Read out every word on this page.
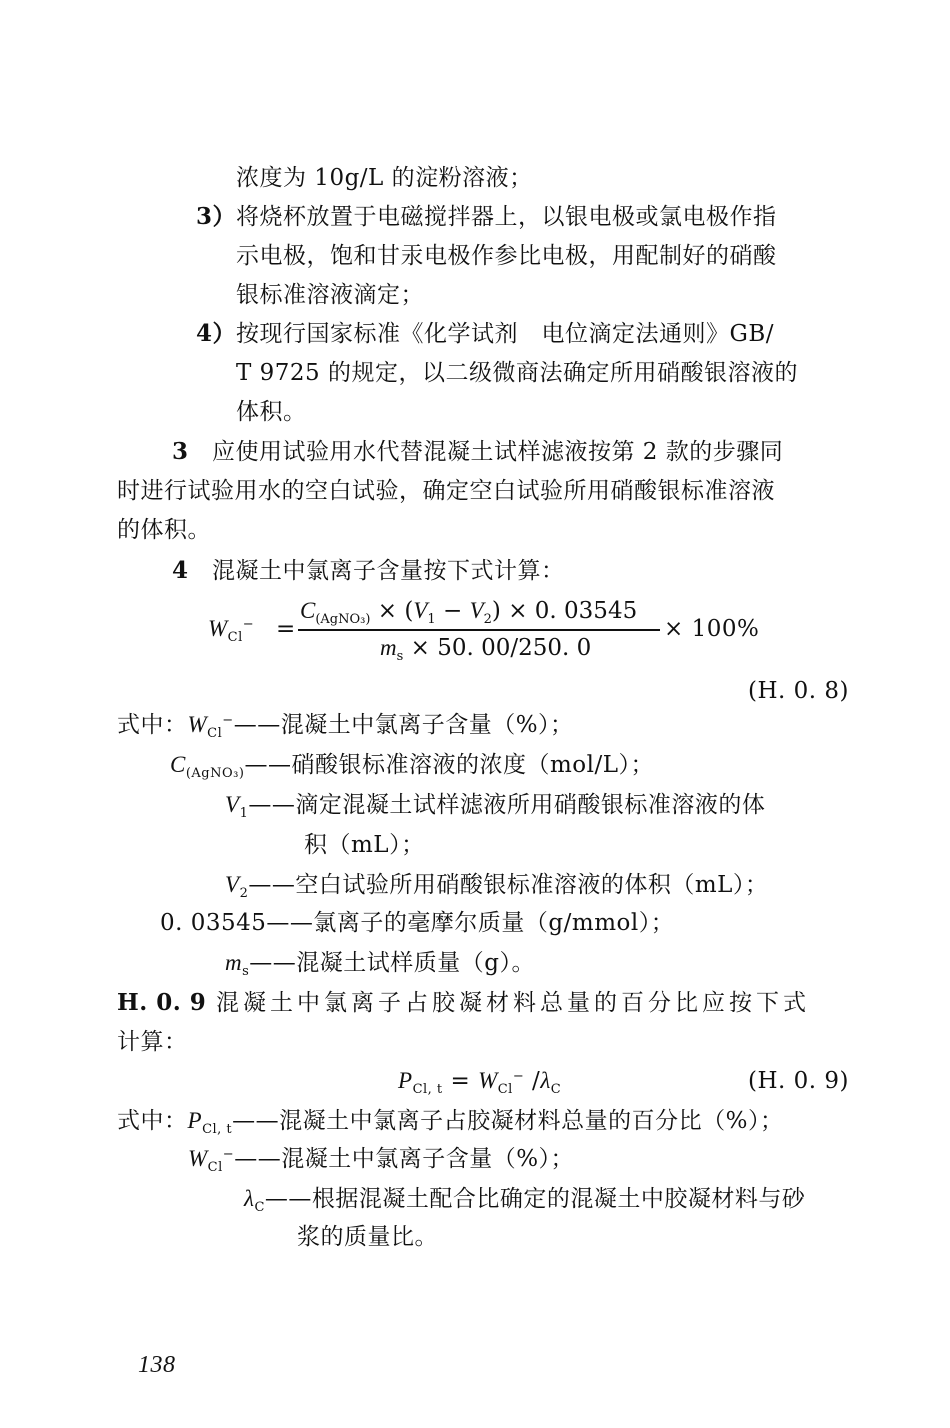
浓度为 10g/L 的淀粉溶液；
3） 将烧杯放置于电磁搅拌器上，以银电极或氯电极作指
示电极，饱和甘汞电极作参比电极，用配制好的硝酸
银标准溶液滴定；
4） 按现行国家标准《化学试剂　电位滴定法通则》GB/
T 9725 的规定，以二级微商法确定所用硝酸银溶液的
体积。
3 应使用试验用水代替混凝土试样滤液按第 2 款的步骤同
时进行试验用水的空白试验，确定空白试验所用硝酸银标准溶液
的体积。
4 混凝土中氯离子含量按下式计算：
$W_{Cl}^-$ =
$C_{(AgNO_3)} \times (V_1 - V_2) \times 0$. 03545
$m_s \times 50$. 00/250. 0
× 100%
(H. 0. 8)
式中：$W_{Cl}^-——$混凝土中氯离子含量（%）；
$C_{(AgNO_3)}——$硝酸银标准溶液的浓度（mol/L）；
$V_1——$滴定混凝土试样滤液所用硝酸银标准溶液的体
积（mL）；
$V_2——$空白试验所用硝酸银标准溶液的体积（mL）；
0. 03545——氯离子的毫摩尔质量（g/mmol）；
$m_s——$混凝土试样质量（g）。
H. 0. 9 混凝土中氯离子占胶凝材料总量的百分比应按下式
计算：
$P_{Cl, t} = W_{Cl}^-$ $/\lambda_C$	(H. 0. 9)
式中：$P_{Cl, t}——$混凝土中氯离子占胶凝材料总量的百分比（%）；
$W_{Cl}^-——$混凝土中氯离子含量（%）；
$\lambda_C——$根据混凝土配合比确定的混凝土中胶凝材料与砂
浆的质量比。
138
